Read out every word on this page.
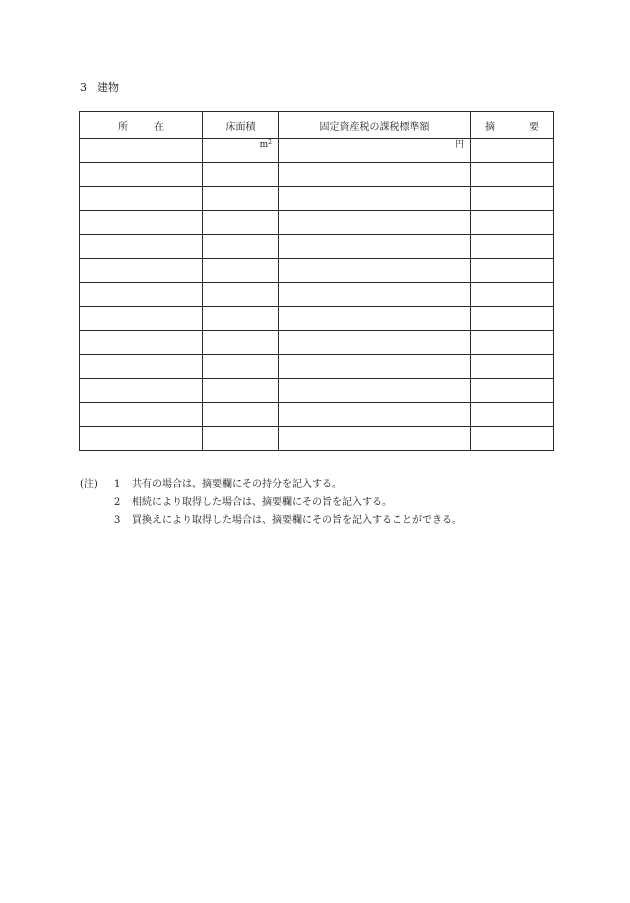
3 建物
所 在	床面積	固定資産税の課税標準額	摘 要
	$m^2$	円	

(注)	1	共有の場合は、摘要欄にその持分を記入する。
2	相続により取得した場合は、摘要欄にその旨を記入する。
3	買換えにより取得した場合は、摘要欄にその旨を記入することができる。
